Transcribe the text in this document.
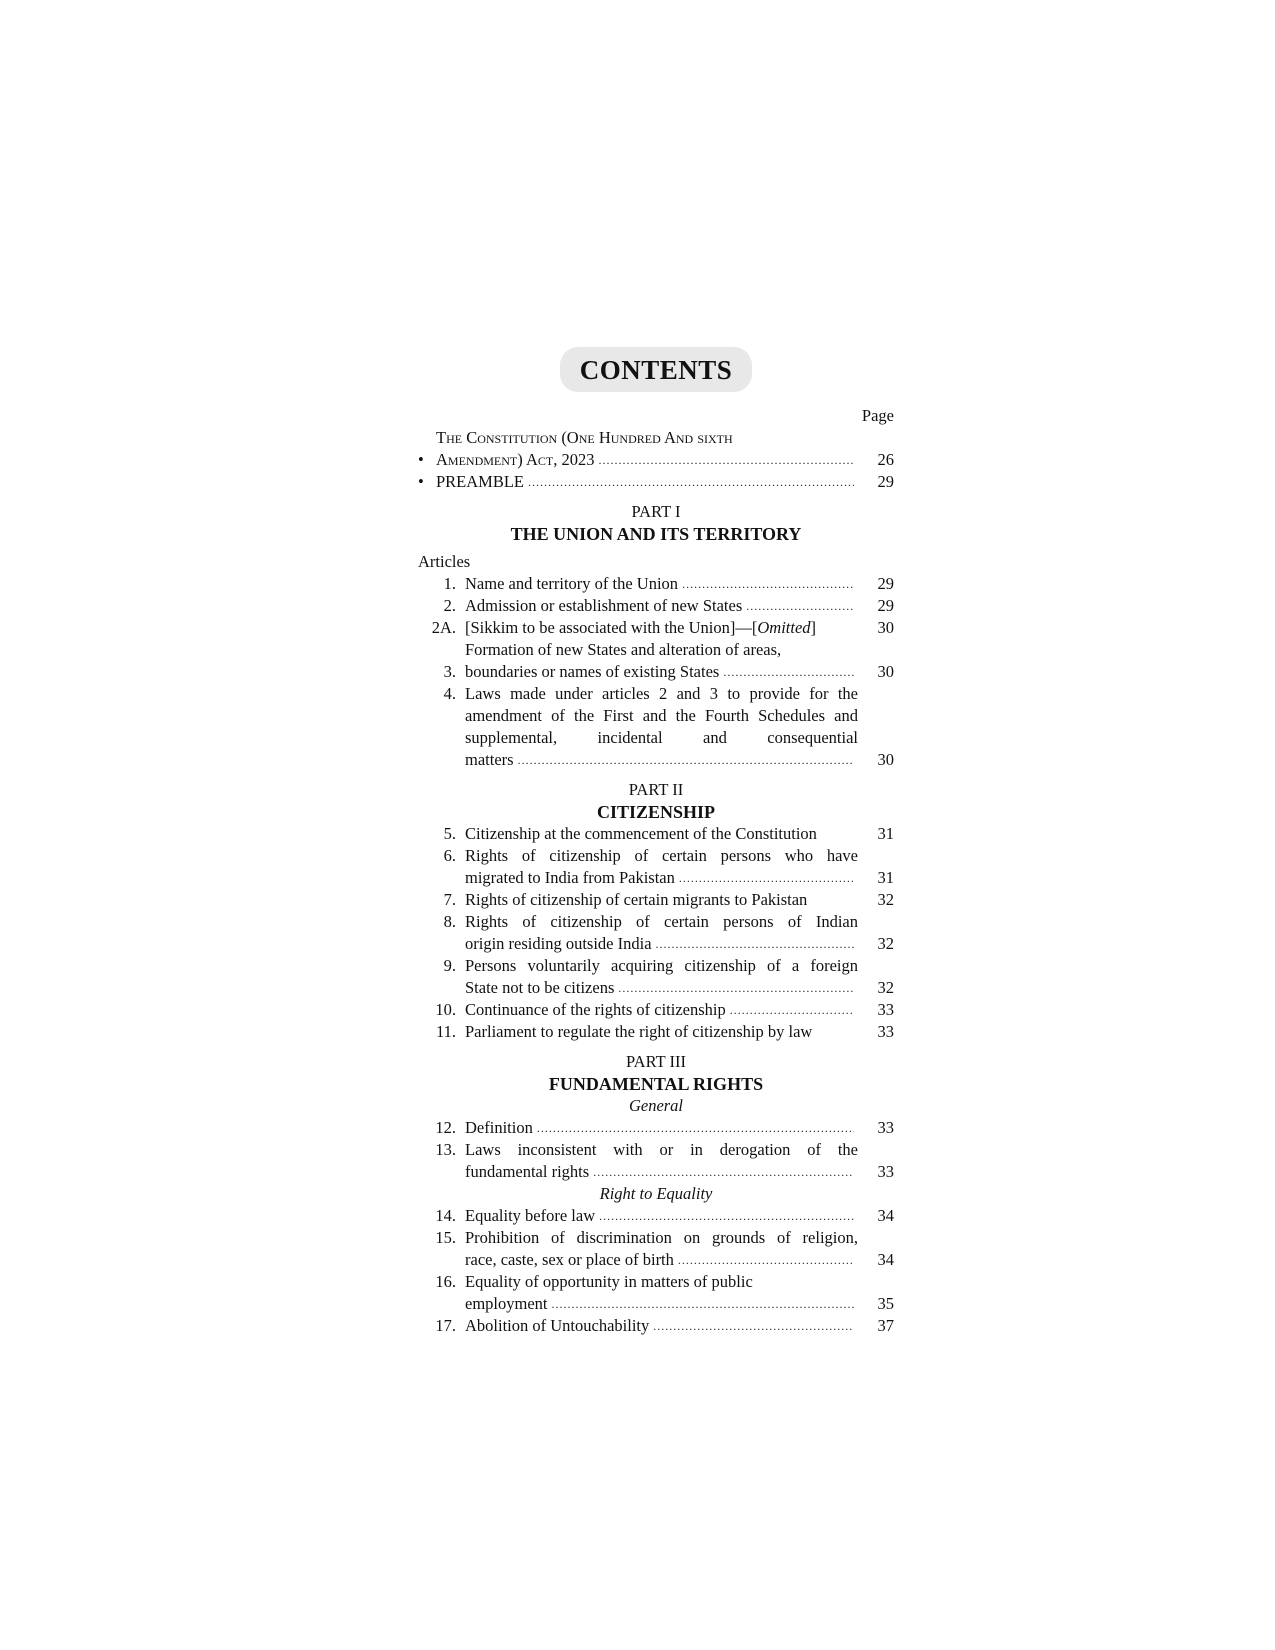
CONTENTS
Page
•
The Constitution (One Hundred And sixth
Amendment) Act, 2023 .....	26
• PREAMBLE .....	29
PART I
THE UNION AND ITS TERRITORY
Articles
1. Name and territory of the Union .....	29
2. Admission or establishment of new States .....	29
2A. [Sikkim to be associated with the Union]—[Omitted]	30
3.
Formation of new States and alteration of areas,
boundaries or names of existing States .....	30
4. Laws made under articles 2 and 3 to provide for the amendment of the First and the Fourth Schedules and supplemental, incidental and consequential
matters .....	30
PART II
CITIZENSHIP
5. Citizenship at the commencement of the Constitution	31
6. Rights of citizenship of certain persons who have
migrated to India from Pakistan .....	31
7. Rights of citizenship of certain migrants to Pakistan	32
8. Rights of citizenship of certain persons of Indian
origin residing outside India .....	32
9. Persons voluntarily acquiring citizenship of a foreign
State not to be citizens .....	32
10. Continuance of the rights of citizenship .....	33
11. Parliament to regulate the right of citizenship by law	33
PART III
FUNDAMENTAL RIGHTS
General
12. Definition .....	33
13. Laws inconsistent with or in derogation of the
fundamental rights .....	33
Right to Equality
14. Equality before law .....	34
15. Prohibition of discrimination on grounds of religion,
race, caste, sex or place of birth .....	34
16. Equality of opportunity in matters of public
employment .....	35
17. Abolition of Untouchability .....	37
